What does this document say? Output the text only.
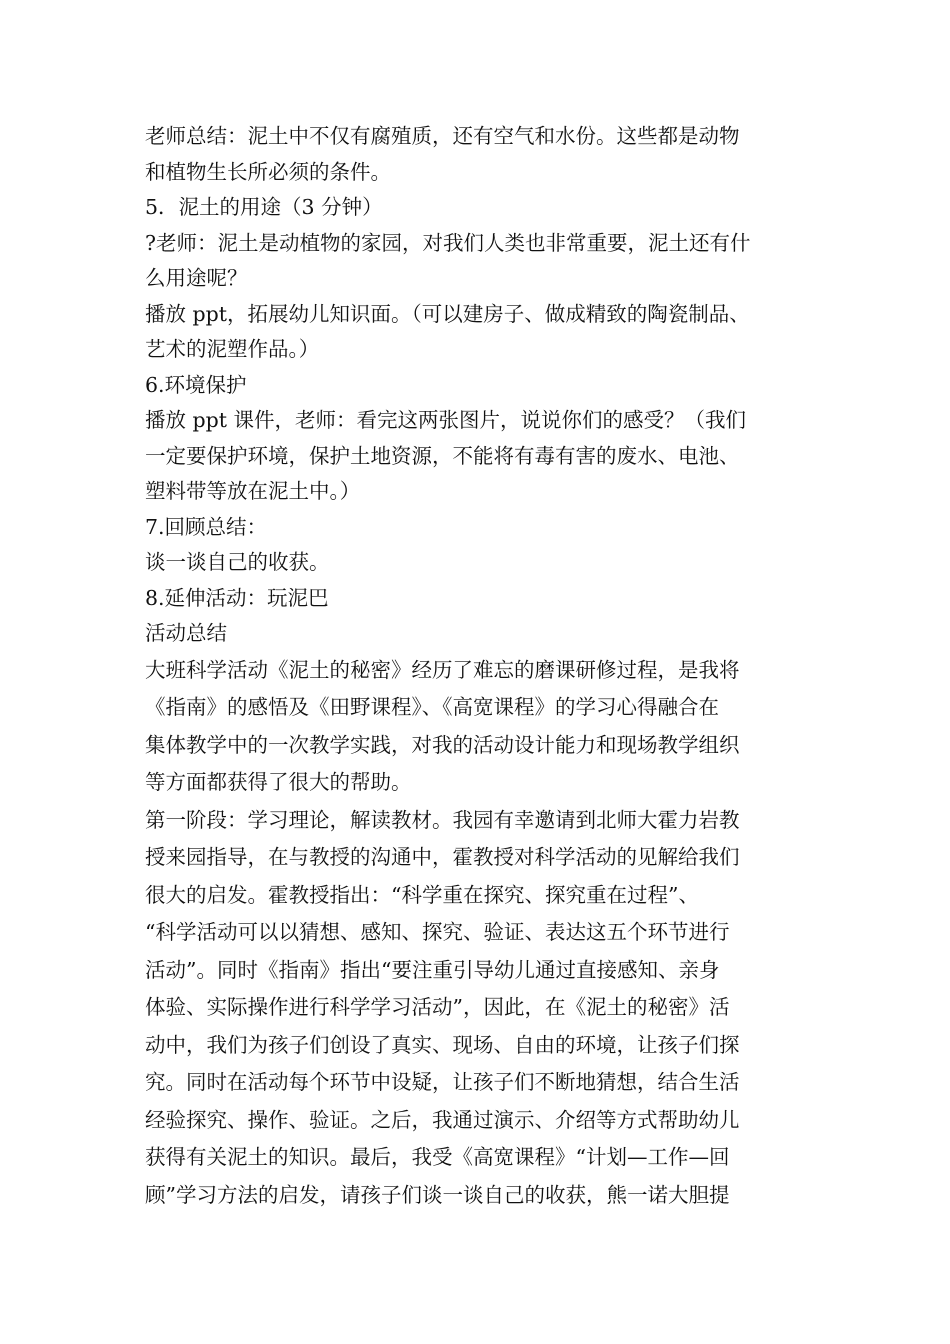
老师总结：泥土中不仅有腐殖质，还有空气和水份。这些都是动物
和植物生长所必须的条件。
5．泥土的用途（3 分钟）
?老师：泥土是动植物的家园，对我们人类也非常重要，泥土还有什
么用途呢？
播放 ppt，拓展幼儿知识面。（可以建房子、做成精致的陶瓷制品、
艺术的泥塑作品。）
6.环境保护
播放 ppt 课件，老师：看完这两张图片，说说你们的感受？（我们
一定要保护环境，保护土地资源，不能将有毒有害的废水、电池、
塑料带等放在泥土中。）
7.回顾总结：
谈一谈自己的收获。
8.延伸活动：玩泥巴
活动总结
大班科学活动《泥土的秘密》经历了难忘的磨课研修过程，是我将
《指南》的感悟及《田野课程》、《高宽课程》的学习心得融合在
集体教学中的一次教学实践，对我的活动设计能力和现场教学组织
等方面都获得了很大的帮助。
第一阶段：学习理论，解读教材。我园有幸邀请到北师大霍力岩教
授来园指导，在与教授的沟通中，霍教授对科学活动的见解给我们
很大的启发。霍教授指出：“科学重在探究、探究重在过程”、
“科学活动可以以猜想、感知、探究、验证、表达这五个环节进行
活动”。同时《指南》指出“要注重引导幼儿通过直接感知、亲身
体验、实际操作进行科学学习活动”，因此，在《泥土的秘密》活
动中，我们为孩子们创设了真实、现场、自由的环境，让孩子们探
究。同时在活动每个环节中设疑，让孩子们不断地猜想，结合生活
经验探究、操作、验证。之后，我通过演示、介绍等方式帮助幼儿
获得有关泥土的知识。最后，我受《高宽课程》“计划—工作—回
顾”学习方法的启发，请孩子们谈一谈自己的收获，熊一诺大胆提
